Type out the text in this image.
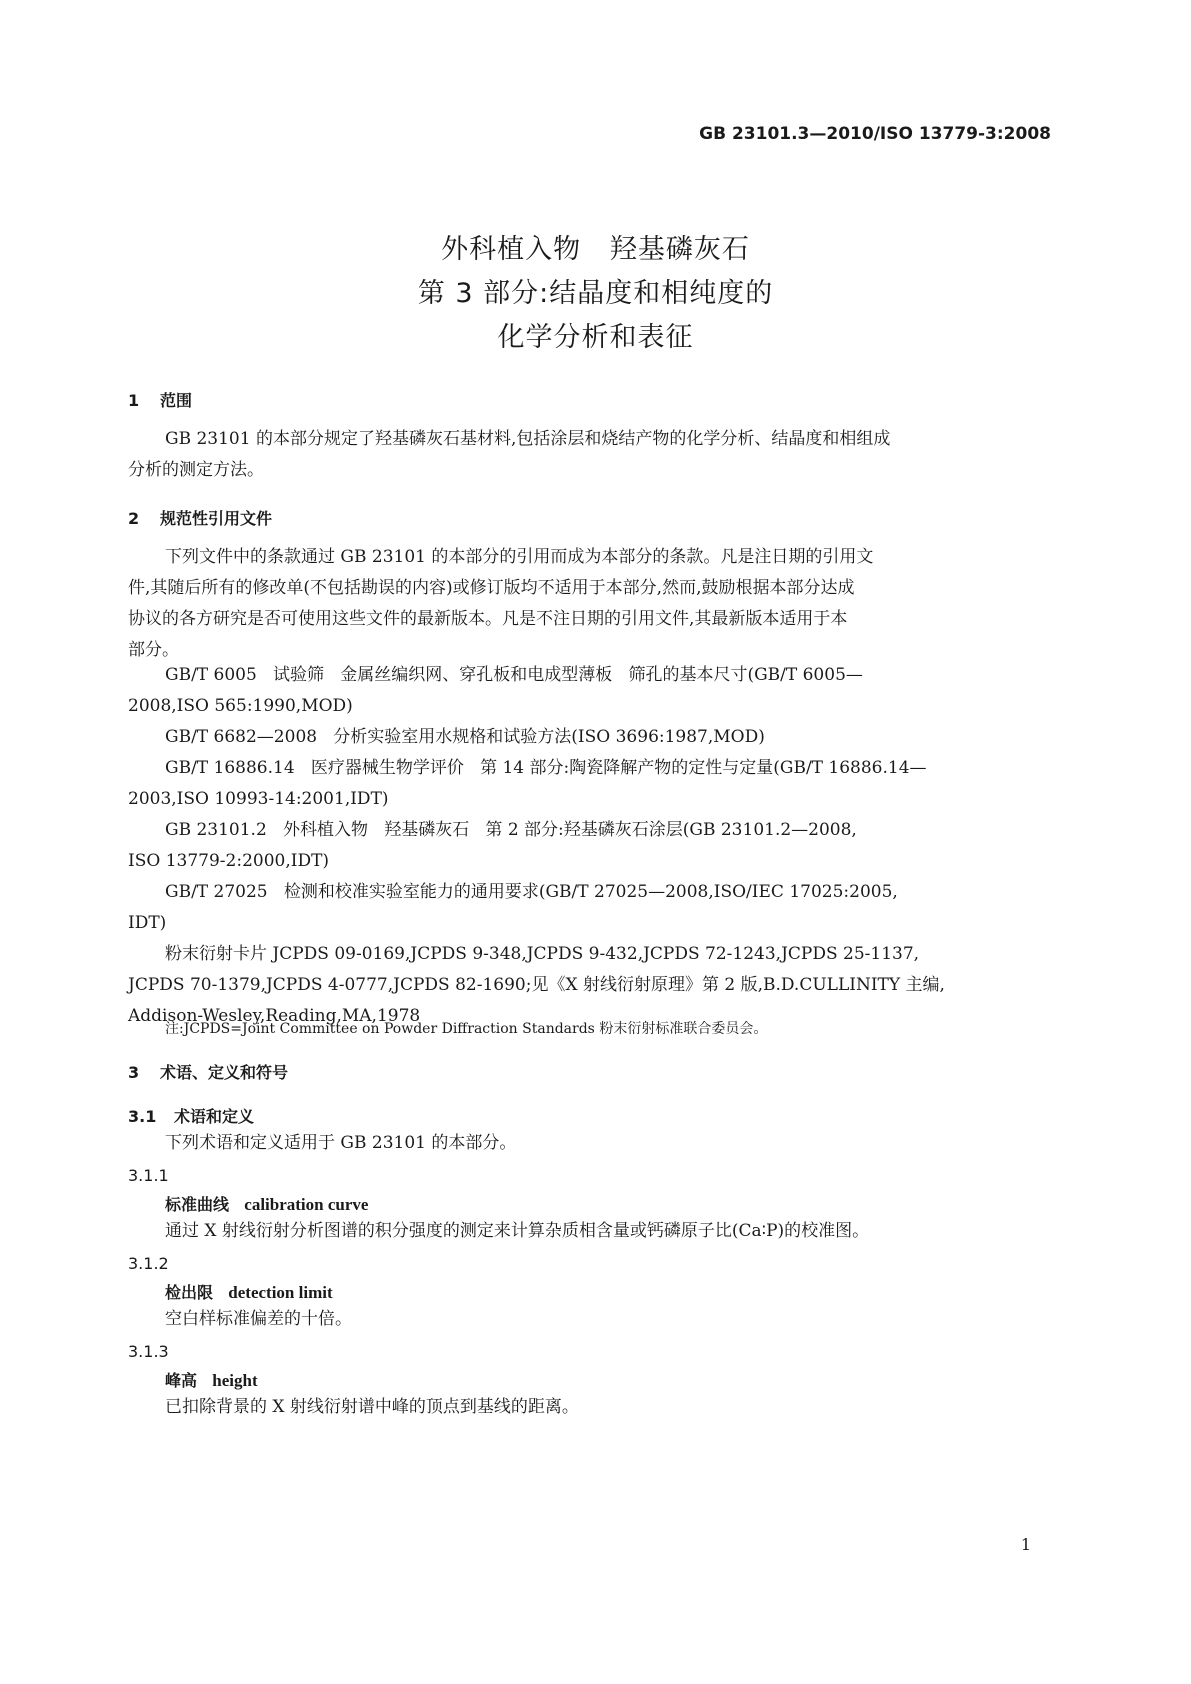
GB 23101.3—2010/ISO 13779-3:2008
外科植入物   羟基磷灰石
第 3 部分:结晶度和相纯度的
化学分析和表征
1 范围
GB 23101 的本部分规定了羟基磷灰石基材料,包括涂层和烧结产物的化学分析、结晶度和相组成
分析的测定方法。
2 规范性引用文件
下列文件中的条款通过 GB 23101 的本部分的引用而成为本部分的条款。凡是注日期的引用文
件,其随后所有的修改单(不包括勘误的内容)或修订版均不适用于本部分,然而,鼓励根据本部分达成
协议的各方研究是否可使用这些文件的最新版本。凡是不注日期的引用文件,其最新版本适用于本
部分。
GB/T 6005   试验筛   金属丝编织网、穿孔板和电成型薄板   筛孔的基本尺寸(GB/T 6005—
2008,ISO 565:1990,MOD)
GB/T 6682—2008   分析实验室用水规格和试验方法(ISO 3696:1987,MOD)
GB/T 16886.14   医疗器械生物学评价   第 14 部分:陶瓷降解产物的定性与定量(GB/T 16886.14—
2003,ISO 10993-14:2001,IDT)
GB 23101.2   外科植入物   羟基磷灰石   第 2 部分:羟基磷灰石涂层(GB 23101.2—2008,
ISO 13779-2:2000,IDT)
GB/T 27025   检测和校准实验室能力的通用要求(GB/T 27025—2008,ISO/IEC 17025:2005,
IDT)
粉末衍射卡片 JCPDS 09-0169,JCPDS 9-348,JCPDS 9-432,JCPDS 72-1243,JCPDS 25-1137,
JCPDS 70-1379,JCPDS 4-0777,JCPDS 82-1690;见《X 射线衍射原理》第 2 版,B.D.CULLINITY 主编,
Addison-Wesley,Reading,MA,1978
注:JCPDS=Joint Committee on Powder Diffraction Standards 粉末衍射标准联合委员会。
3 术语、定义和符号
3.1 术语和定义
下列术语和定义适用于 GB 23101 的本部分。
3.1.1
标准曲线 calibration curve
通过 X 射线衍射分析图谱的积分强度的测定来计算杂质相含量或钙磷原子比(Ca∶P)的校准图。
3.1.2
检出限 detection limit
空白样标准偏差的十倍。
3.1.3
峰高 height
已扣除背景的 X 射线衍射谱中峰的顶点到基线的距离。
1
